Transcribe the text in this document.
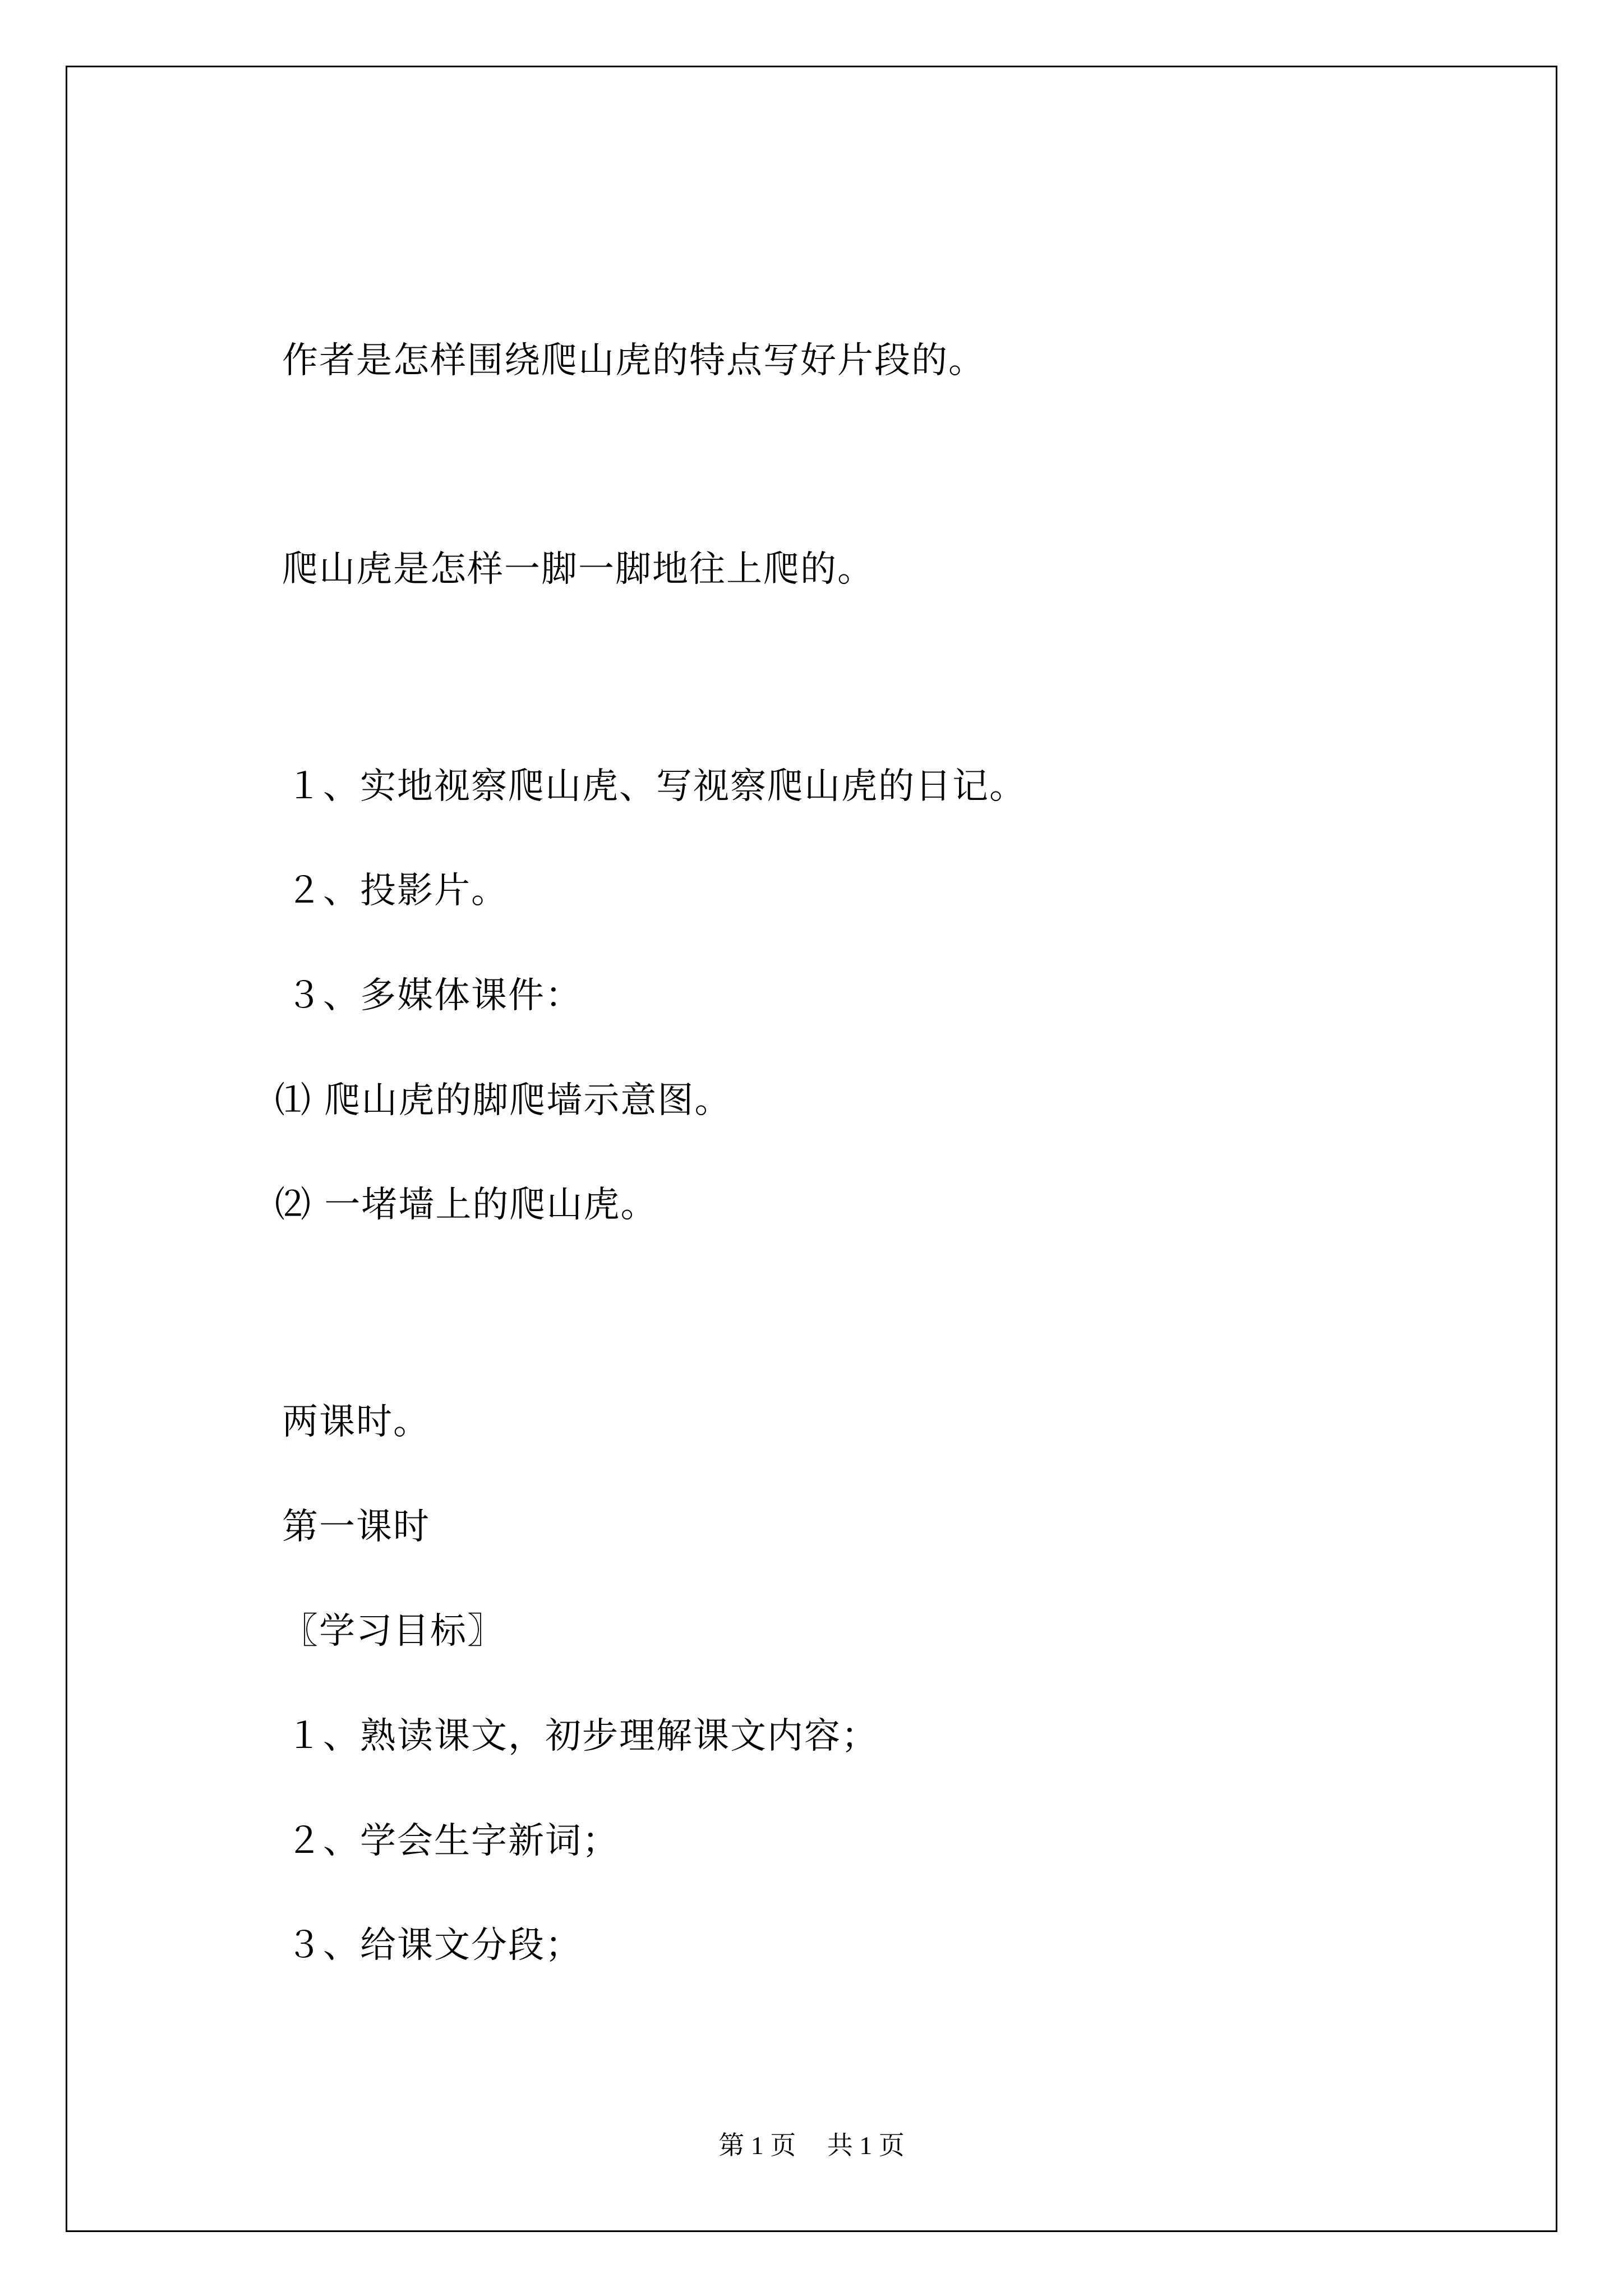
作者是怎样围绕爬山虎的特点写好片段的。
爬山虎是怎样一脚一脚地往上爬的。
１、实地视察爬山虎、写视察爬山虎的日记。
２、投影片。
３、多媒体课件：
⑴ 爬山虎的脚爬墙示意图。
⑵ 一堵墙上的爬山虎。
两课时。
第一课时
〖学习目标〗
１、熟读课文，初步理解课文内容；
２、学会生字新词；
３、给课文分段；
第 1 页 共 1 页
